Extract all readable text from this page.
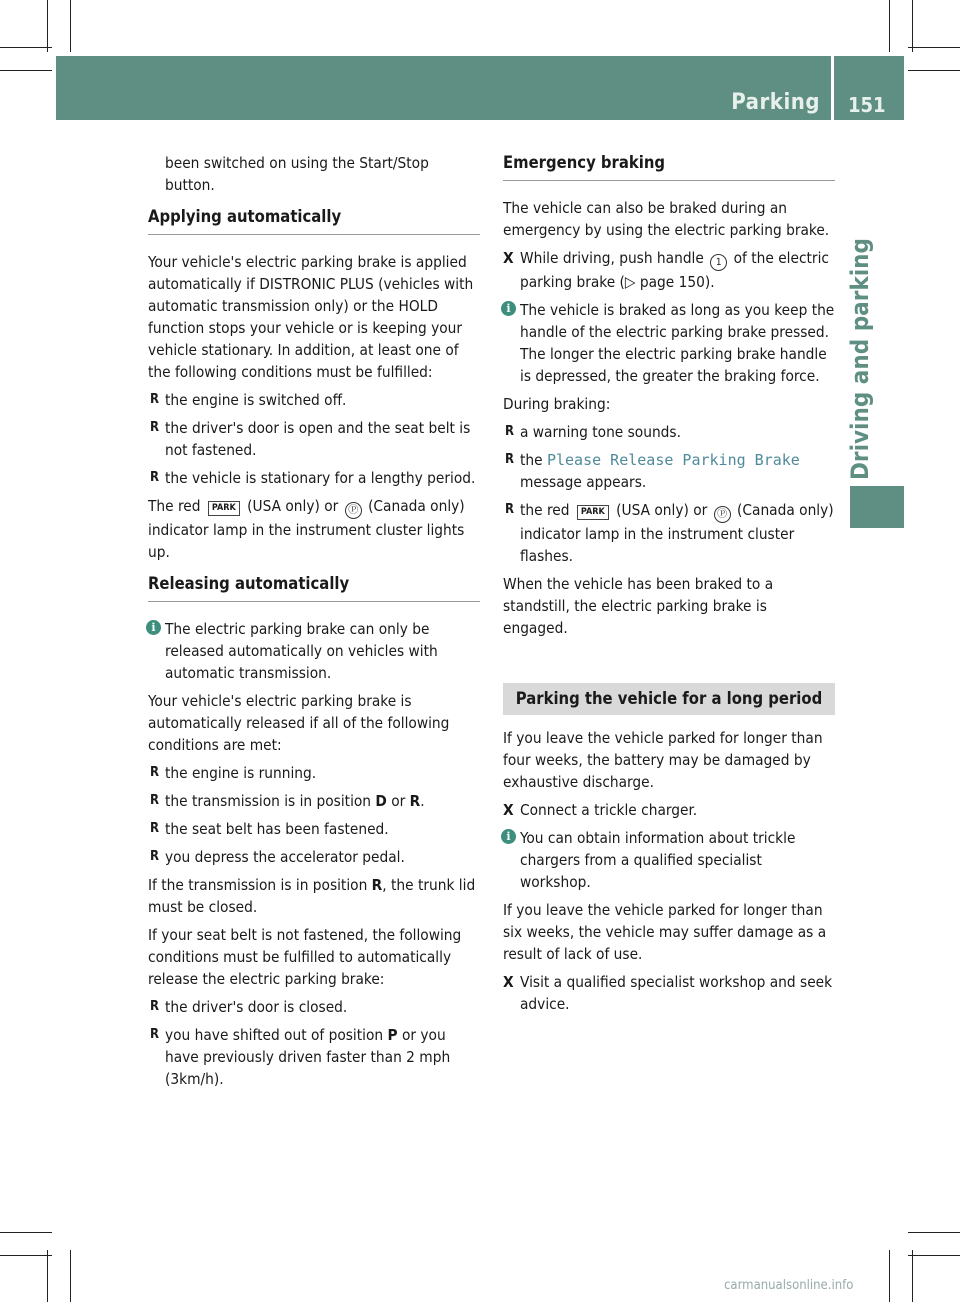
Parking 151
Driving and parking

been switched on using the Start/Stop button.

Applying automatically

Your vehicle's electric parking brake is applied automatically if DISTRONIC PLUS (vehicles with automatic transmission only) or the HOLD function stops your vehicle or is keeping your vehicle stationary. In addition, at least one of the following conditions must be fulfilled:

R the engine is switched off.
R the driver's door is open and the seat belt is not fastened.
R the vehicle is stationary for a lengthy period.

The red PARK (USA only) or Ⓟ (Canada only) indicator lamp in the instrument cluster lights up.

Releasing automatically
i The electric parking brake can only be released automatically on vehicles with automatic transmission.

Your vehicle's electric parking brake is automatically released if all of the following conditions are met:

R the engine is running.
R the transmission is in position D or R.
R the seat belt has been fastened.
R you depress the accelerator pedal.

If the transmission is in position R, the trunk lid must be closed.

If your seat belt is not fastened, the following conditions must be fulfilled to automatically release the electric parking brake:

R the driver's door is closed.
R you have shifted out of position P or you have previously driven faster than 2 mph (3km/h).
Emergency braking

The vehicle can also be braked during an emergency by using the electric parking brake.

X While driving, push handle 1 of the electric parking brake (▷ page 150).
i The vehicle is braked as long as you keep the handle of the electric parking brake pressed. The longer the electric parking brake handle is depressed, the greater the braking force.

During braking:

R a warning tone sounds.
R the Please Release Parking Brake message appears.
R the red PARK (USA only) or Ⓟ (Canada only) indicator lamp in the instrument cluster flashes.

When the vehicle has been braked to a standstill, the electric parking brake is engaged.

Parking the vehicle for a long period

If you leave the vehicle parked for longer than four weeks, the battery may be damaged by exhaustive discharge.

X Connect a trickle charger.
i You can obtain information about trickle chargers from a qualified specialist workshop.

If you leave the vehicle parked for longer than six weeks, the vehicle may suffer damage as a result of lack of use.

X Visit a qualified specialist workshop and seek advice.
carmanualsonline.info
